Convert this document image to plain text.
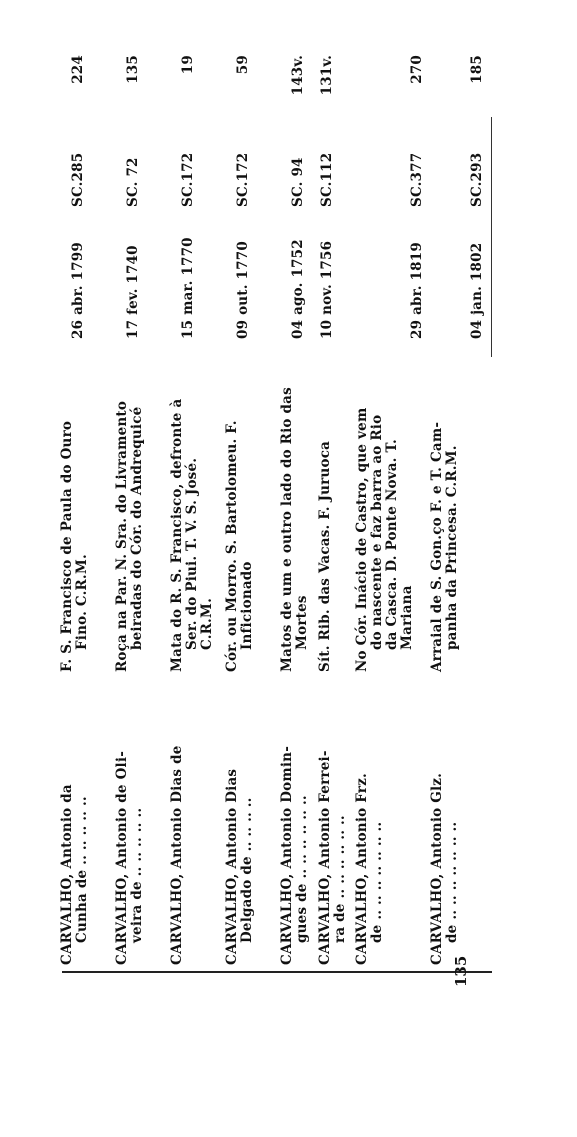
135
CARVALHO, Antonio da Cunha de .. .. .. .. ..
F. S. Francisco de Paula do Ouro Fino. C.R.M.
26 abr. 1799
SC.285
224
CARVALHO, Antonio de Oli- veira de .. .. .. .. ..
Roça na Par. N. Sra. do Livramento beiradas do Cór. do Andrequicé
17 fev. 1740
SC. 72
135
CARVALHO, Antonio Dias de
Mata do R. S. Francisco, defronte à Ser. do Piui. T. V. S. José. C.R.M.
15 mar. 1770
SC.172
19
CARVALHO, Antonio Dias Delgado de .. .. .. ..
Cór. ou Morro. S. Bartolomeu. F. Inficionado
09 out. 1770
SC.172
59
CARVALHO, Antonio Domin- gues de .. .. .. .. .. ..
Matos de um e outro lado do Rio das Mortes
04 ago. 1752
SC. 94
143v.
CARVALHO, Antonio Ferrei- ra de .. .. .. .. .. ..
Sít. Rib. das Vacas. F. Juruoca
10 nov. 1756
SC.112
131v.
CARVALHO, Antonio Frz. de .. .. .. .. .. .. ..
No Cór. Inácio de Castro, que vem do nascente e faz barra ao Rio da Casca. D. Ponte Nova. T. Mariana
29 abr. 1819
SC.377
270
CARVALHO, Antonio Glz. de .. .. .. .. .. .. ..
Arraial de S. Gon.ço F. e T. Cam- panha da Princesa. C.R.M.
04 jan. 1802
SC.293
185
